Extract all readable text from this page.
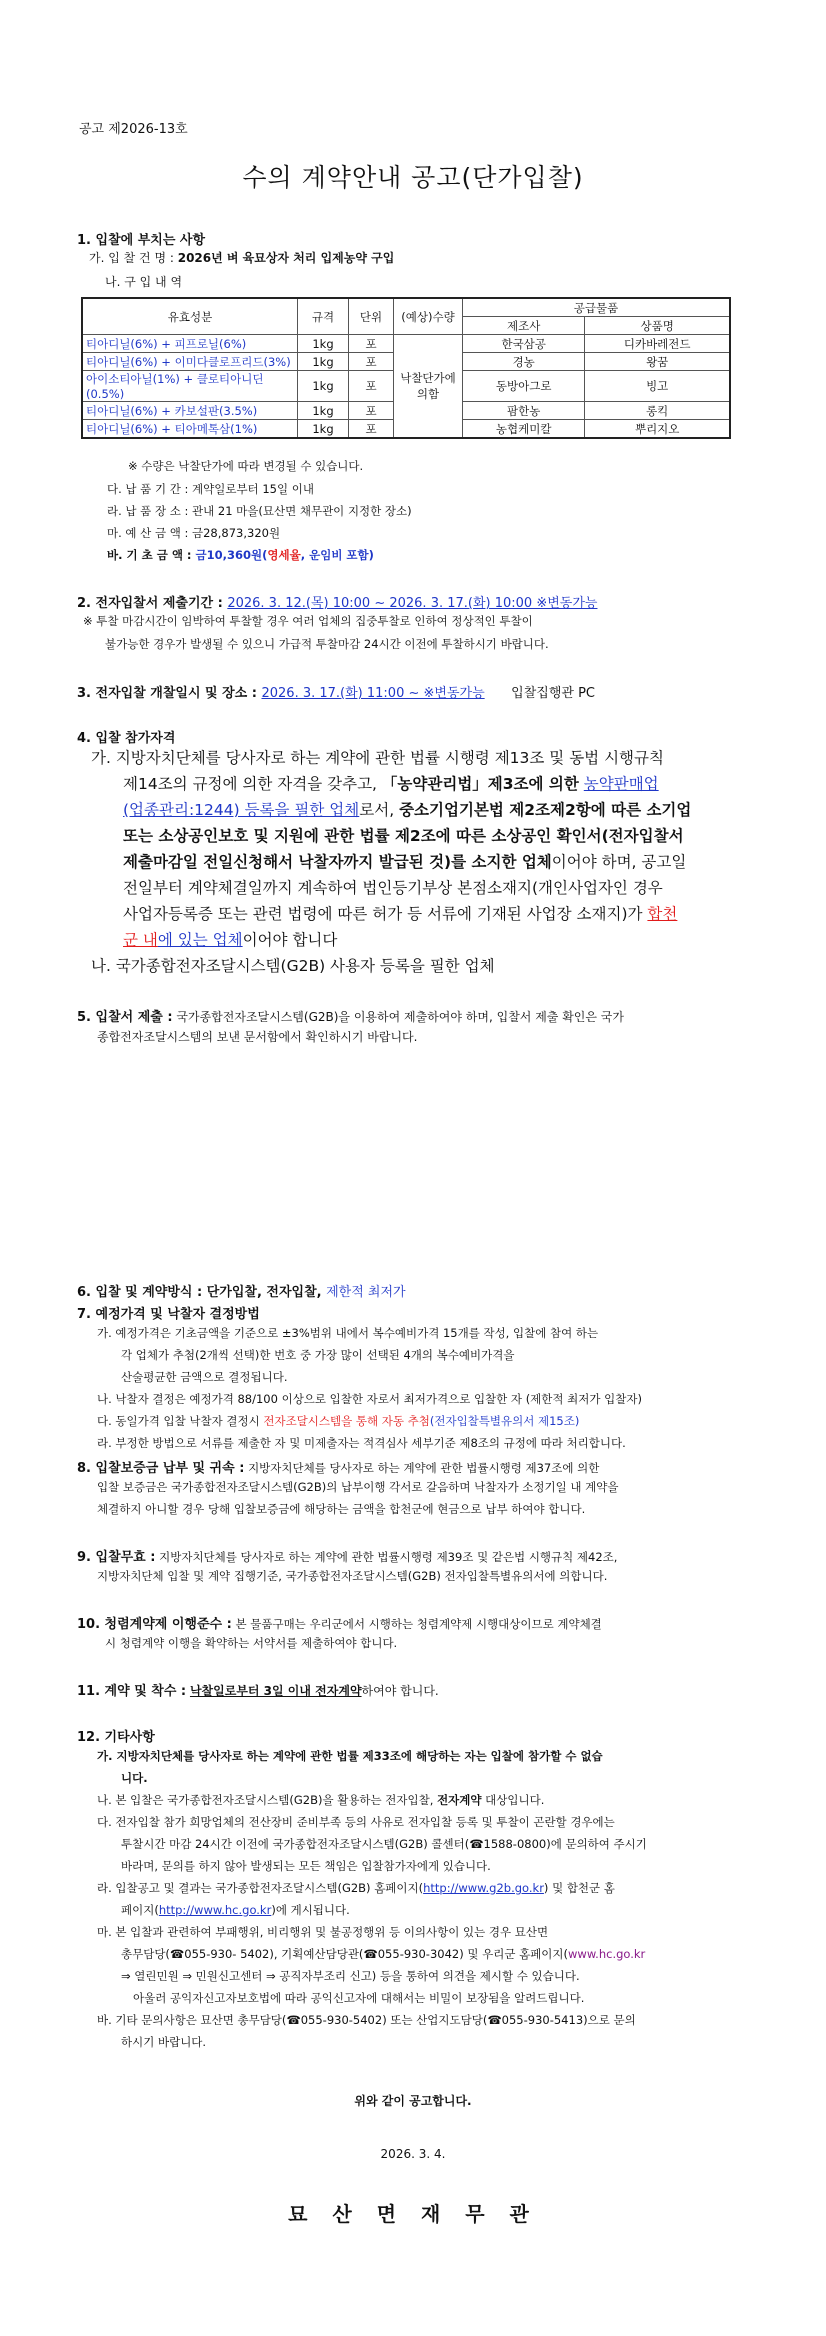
공고 제2026-13호
수의 계약안내 공고(단가입찰)
1. 입찰에 부치는 사항
가. 입 찰 건 명 : 2026년 벼 육묘상자 처리 입제농약 구입
나. 구 입 내 역
유효성분	규격	단위	(예상)수량	공급물품	
				제조사	상품명
티아디닐(6%) + 피프로닐(6%)	1kg	포	낙찰단가에 의함	한국삼공	디카바레전드
티아디닐(6%) + 이미다클로프리드(3%)	1kg	포		경농	왕꿈
아이소티아닐(1%) + 클로티아니딘(0.5%)	1kg	포		동방아그로	빙고
티아디닐(6%) + 카보설판(3.5%)	1kg	포		팜한농	롱킥
티아디닐(6%) + 티아메톡삼(1%)	1kg	포		농협케미칼	뿌리지오
※ 수량은 낙찰단가에 따라 변경될 수 있습니다.
다. 납 품 기 간 : 계약일로부터 15일 이내
라. 납 품 장 소 : 관내 21 마을(묘산면 채무관이 지정한 장소)
마. 예 산 금 액 : 금28,873,320원
바. 기 초 금 액 : 금10,360원(영세율, 운임비 포함)
2. 전자입찰서 제출기간 : 2026. 3. 12.(목) 10:00 ~ 2026. 3. 17.(화) 10:00 ※변동가능
※ 투찰 마감시간이 임박하여 투찰할 경우 여러 업체의 집중투찰로 인하여 정상적인 투찰이
불가능한 경우가 발생될 수 있으니 가급적 투찰마감 24시간 이전에 투찰하시기 바랍니다.
3. 전자입찰 개찰일시 및 장소 : 2026. 3. 17.(화) 11:00 ~ ※변동가능 입찰집행관 PC
4. 입찰 참가자격
가. 지방자치단체를 당사자로 하는 계약에 관한 법률 시행령 제13조 및 동법 시행규칙
제14조의 규정에 의한 자격을 갖추고, 「농약관리법」제3조에 의한 농약판매업
(업종관리:1244) 등록을 필한 업체로서, 중소기업기본법 제2조제2항에 따른 소기업
또는 소상공인보호 및 지원에 관한 법률 제2조에 따른 소상공인 확인서(전자입찰서
제출마감일 전일신청해서 낙찰자까지 발급된 것)를 소지한 업체이어야 하며, 공고일
전일부터 계약체결일까지 계속하여 법인등기부상 본점소재지(개인사업자인 경우
사업자등록증 또는 관련 법령에 따른 허가 등 서류에 기재된 사업장 소재지)가 합천
군 내에 있는 업체이어야 합니다
나. 국가종합전자조달시스템(G2B) 사용자 등록을 필한 업체
5. 입찰서 제출 : 국가종합전자조달시스템(G2B)을 이용하여 제출하여야 하며, 입찰서 제출 확인은 국가
종합전자조달시스템의 보낸 문서함에서 확인하시기 바랍니다.
6. 입찰 및 계약방식 : 단가입찰, 전자입찰, 제한적 최저가
7. 예정가격 및 낙찰자 결정방법
가. 예정가격은 기초금액을 기준으로 ±3%범위 내에서 복수예비가격 15개를 작성, 입찰에 참여 하는
각 업체가 추첨(2개씩 선택)한 번호 중 가장 많이 선택된 4개의 복수예비가격을
산술평균한 금액으로 결정됩니다.
나. 낙찰자 결정은 예정가격 88/100 이상으로 입찰한 자로서 최저가격으로 입찰한 자 (제한적 최저가 입찰자)
다. 동일가격 입찰 낙찰자 결정시 전자조달시스템을 통해 자동 추첨(전자입찰특별유의서 제15조)
라. 부정한 방법으로 서류를 제출한 자 및 미제출자는 적격심사 세부기준 제8조의 규정에 따라 처리합니다.
8. 입찰보증금 납부 및 귀속 : 지방자치단체를 당사자로 하는 계약에 관한 법률시행령 제37조에 의한
입찰 보증금은 국가종합전자조달시스템(G2B)의 납부이행 각서로 갈음하며 낙찰자가 소정기일 내 계약을
체결하지 아니할 경우 당해 입찰보증금에 해당하는 금액을 합천군에 현금으로 납부 하여야 합니다.
9. 입찰무효 : 지방자치단체를 당사자로 하는 계약에 관한 법률시행령 제39조 및 같은법 시행규칙 제42조,
지방자치단체 입찰 및 계약 집행기준, 국가종합전자조달시스템(G2B) 전자입찰특별유의서에 의합니다.
10. 청렴계약제 이행준수 : 본 물품구매는 우리군에서 시행하는 청렴계약제 시행대상이므로 계약체결
시 청렴계약 이행을 확약하는 서약서를 제출하여야 합니다.
11. 계약 및 착수 : 낙찰일로부터 3일 이내 전자계약하여야 합니다.
12. 기타사항
가. 지방자치단체를 당사자로 하는 계약에 관한 법률 제33조에 해당하는 자는 입찰에 참가할 수 없습
니다.
나. 본 입찰은 국가종합전자조달시스템(G2B)을 활용하는 전자입찰, 전자계약 대상입니다.
다. 전자입찰 참가 희망업체의 전산장비 준비부족 등의 사유로 전자입찰 등록 및 투찰이 곤란할 경우에는
투찰시간 마감 24시간 이전에 국가종합전자조달시스템(G2B) 콜센터(☎1588-0800)에 문의하여 주시기
바라며, 문의를 하지 않아 발생되는 모든 책임은 입찰참가자에게 있습니다.
라. 입찰공고 및 결과는 국가종합전자조달시스템(G2B) 홈페이지(http://www.g2b.go.kr) 및 합천군 홈
페이지(http://www.hc.go.kr)에 게시됩니다.
마. 본 입찰과 관련하여 부패행위, 비리행위 및 불공정행위 등 이의사항이 있는 경우 묘산면
총무담당(☎055-930- 5402), 기획예산담당관(☎055-930-3042) 및 우리군 홈페이지(www.hc.go.kr
⇒ 열린민원 ⇒ 민원신고센터 ⇒ 공직자부조리 신고) 등을 통하여 의견을 제시할 수 있습니다.
아울러 공익자신고자보호법에 따라 공익신고자에 대해서는 비밀이 보장됨을 알려드립니다.
바. 기타 문의사항은 묘산면 총무담당(☎055-930-5402) 또는 산업지도담당(☎055-930-5413)으로 문의
하시기 바랍니다.
위와 같이 공고합니다.
2026. 3. 4.
묘 산 면 재 무 관
